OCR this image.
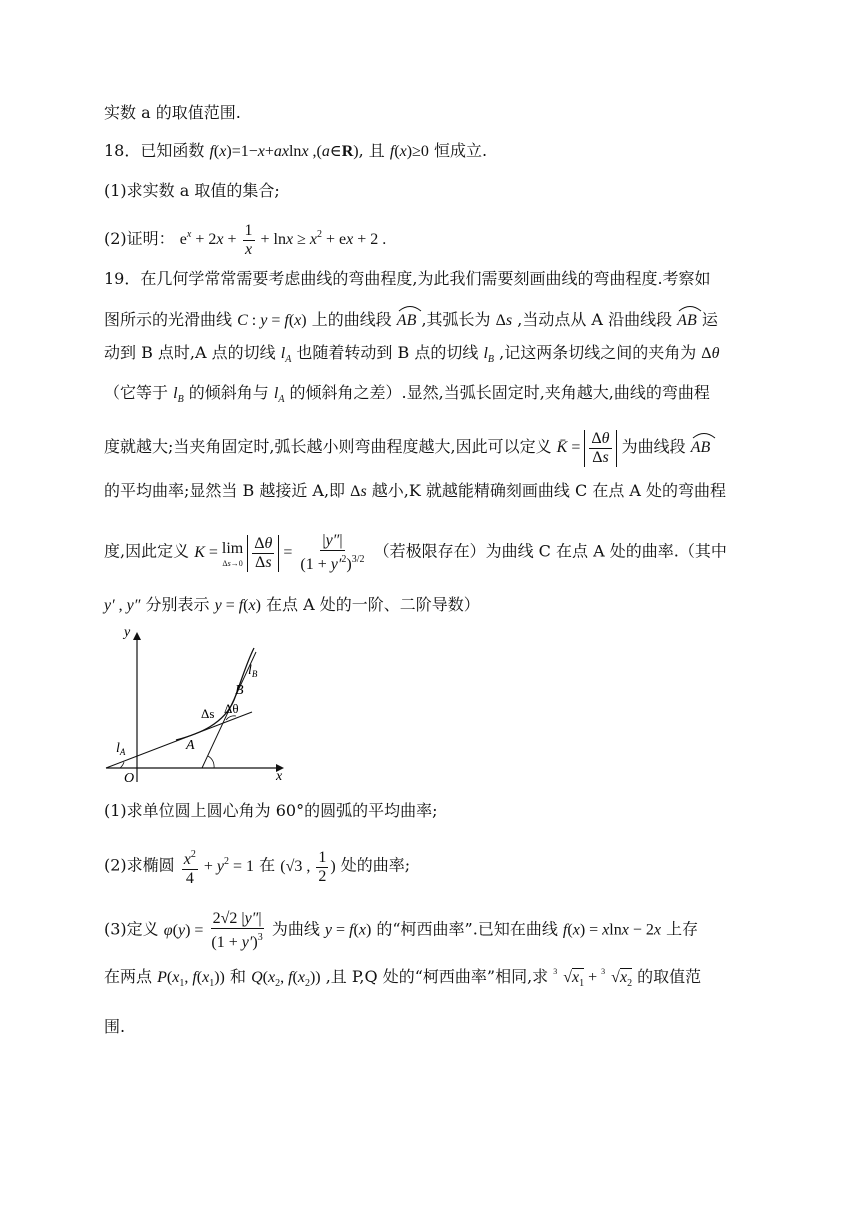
实数 a 的取值范围.
18．已知函数 f(x)=1−x+axlnx ,(a∈R), 且 f(x)≥0 恒成立.
(1)求实数 a 取值的集合;
(2)证明： $e^x + 2x + \frac{1}{x} + \ln x \ge x^2$ + ex + 2 .
19．在几何学常常需要考虑曲线的弯曲程度,为此我们需要刻画曲线的弯曲程度.考察如
图所示的光滑曲线 C : y = f(x) 上的曲线段 AB ,其弧长为 Δs ,当动点从 A 沿曲线段 AB 运
动到 B 点时,A 点的切线 $l_A$ 也随着转动到 B 点的切线 $l_B$ ,记这两条切线之间的夹角为 Δθ
（它等于 $l_B$ 的倾斜角与 $l_A$ 的倾斜角之差）.显然,当弧长固定时,夹角越大,曲线的弯曲程
度就越大;当夹角固定时,弧长越小则弯曲程度越大,因此可以定义 K̄ = $\frac{\Delta\theta}{\Delta s}$ 为曲线段 AB
的平均曲率;显然当 B 越接近 A,即 Δs 越小,K 就越能精确刻画曲线 C 在点 A 处的弯曲程
度,因此定义 K = lim
Δs→0
$\frac{\Delta\theta}{\Delta s} = \frac{|y''|}{(1 + y'^2)^{3/2}}$ （若极限存在）为曲线 C 在点 A 处的曲率.（其中
y′ , y″ 分别表示 y = f(x) 在点 A 处的一阶、二阶导数）
y
x
O
$l_B$
B
Δs Δθ
A
$l_A$
(1)求单位圆上圆心角为 60°的圆弧的平均曲率;
(2)求椭圆 $\frac{x^2}{4} + y^2 = 1$ 在 (√3 , $\frac{1}{2}$ ) 处的曲率;
(3)定义 $\varphi(y) = \frac{2√2 |y''|}{(1 + y')^3}$ 为曲线 y = f(x) 的“柯西曲率”.已知在曲线 f(x) = xlnx − 2x 上存
在两点 $P(x_1$, $f(x_1)$) 和 $Q(x_2$, $f(x_2)$) ,且 P,Q 处的“柯西曲率”相同,求 3 $√x_1 + 3$ $√x_2$ 的取值范
围.
